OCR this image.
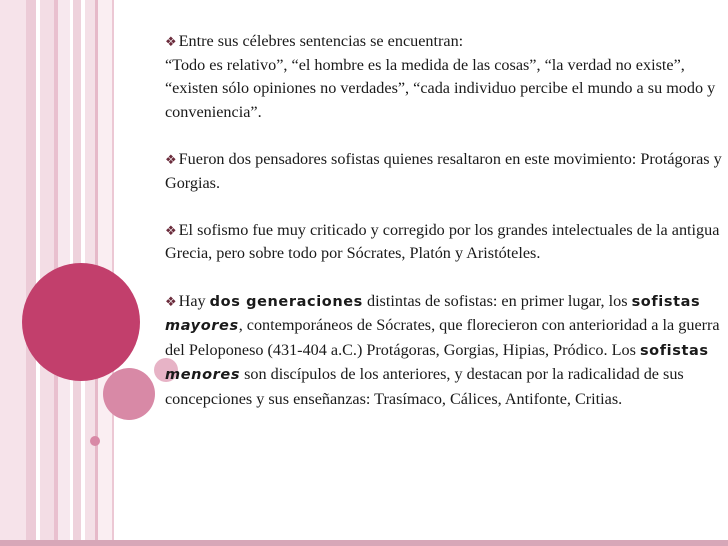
❖ Entre sus célebres sentencias se encuentran:
“Todo es relativo”, “el hombre es la medida de las cosas”, “la verdad no existe”, “existen sólo opiniones no verdades”, “cada individuo percibe el mundo a su modo y conveniencia”.

❖ Fueron dos pensadores sofistas quienes resaltaron en este movimiento: Protágoras y Gorgias.

❖ El sofismo fue muy criticado y corregido por los grandes intelectuales de la antigua Grecia, pero sobre todo por Sócrates, Platón y Aristóteles.

❖ Hay dos generaciones distintas de sofistas: en primer lugar, los sofistas mayores, contemporáneos de Sócrates, que florecieron con anterioridad a la guerra del Peloponeso (431-404 a.C.) Protágoras, Gorgias, Hipias, Pródico. Los sofistas menores son discípulos de los anteriores, y destacan por la radicalidad de sus concepciones y sus enseñanzas: Trasímaco, Cálices, Antifonte, Critias.
